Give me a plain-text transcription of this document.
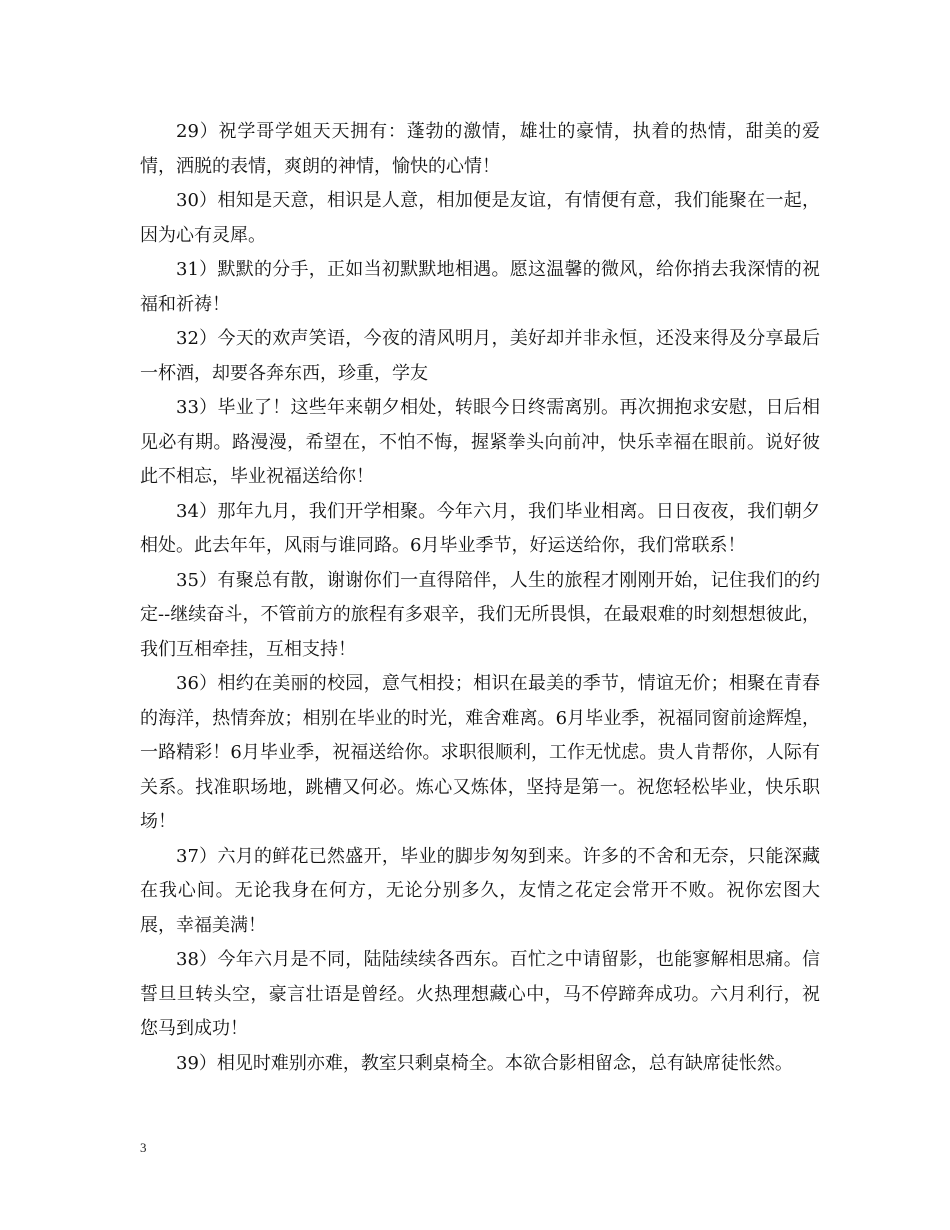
29）祝学哥学姐天天拥有：蓬勃的激情，雄壮的豪情，执着的热情，甜美的爱情，洒脱的表情，爽朗的神情，愉快的心情！

30）相知是天意，相识是人意，相加便是友谊，有情便有意，我们能聚在一起，因为心有灵犀。

31）默默的分手，正如当初默默地相遇。愿这温馨的微风，给你捎去我深情的祝福和祈祷！

32）今天的欢声笑语，今夜的清风明月，美好却并非永恒，还没来得及分享最后一杯酒，却要各奔东西，珍重，学友

33）毕业了！这些年来朝夕相处，转眼今日终需离别。再次拥抱求安慰，日后相见必有期。路漫漫，希望在，不怕不悔，握紧拳头向前冲，快乐幸福在眼前。说好彼此不相忘，毕业祝福送给你！

34）那年九月，我们开学相聚。今年六月，我们毕业相离。日日夜夜，我们朝夕相处。此去年年，风雨与谁同路。6月毕业季节，好运送给你，我们常联系！

35）有聚总有散，谢谢你们一直得陪伴，人生的旅程才刚刚开始，记住我们的约定--继续奋斗，不管前方的旅程有多艰辛，我们无所畏惧，在最艰难的时刻想想彼此，我们互相牵挂，互相支持！

36）相约在美丽的校园，意气相投；相识在最美的季节，情谊无价；相聚在青春的海洋，热情奔放；相别在毕业的时光，难舍难离。6月毕业季，祝福同窗前途辉煌，一路精彩！6月毕业季，祝福送给你。求职很顺利，工作无忧虑。贵人肯帮你，人际有关系。找准职场地，跳槽又何必。炼心又炼体，坚持是第一。祝您轻松毕业，快乐职场！

37）六月的鲜花已然盛开，毕业的脚步匆匆到来。许多的不舍和无奈，只能深藏在我心间。无论我身在何方，无论分别多久，友情之花定会常开不败。祝你宏图大展，幸福美满！

38）今年六月是不同，陆陆续续各西东。百忙之中请留影，也能寥解相思痛。信誓旦旦转头空，豪言壮语是曾经。火热理想藏心中，马不停蹄奔成功。六月利行，祝您马到成功！

39）相见时难别亦难，教室只剩桌椅全。本欲合影相留念，总有缺席徒怅然。

3
